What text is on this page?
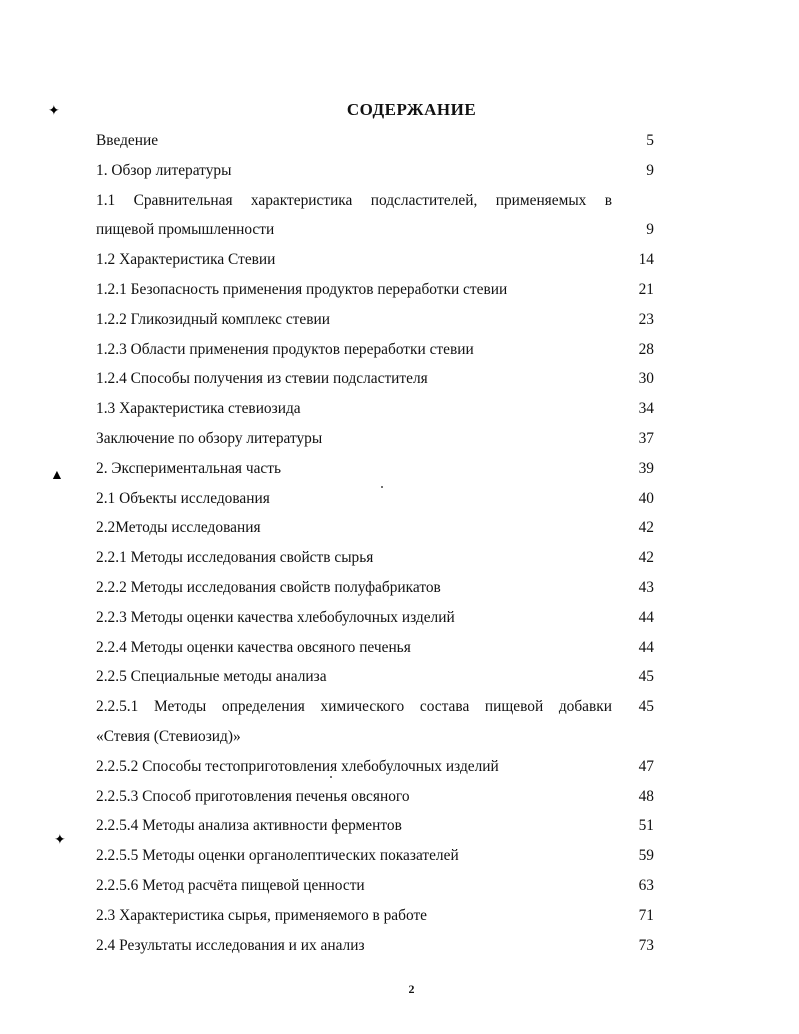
✦
▲
✦
СОДЕРЖАНИЕ
Введение	5
1. Обзор литературы	9
1.1 Сравнительная характеристика подсластителей, применяемых в
пищевой промышленности	9
1.2 Характеристика Стевии	14
1.2.1 Безопасность применения продуктов переработки стевии	21
1.2.2 Гликозидный комплекс стевии	23
1.2.3 Области применения продуктов переработки стевии	28
1.2.4 Способы получения из стевии подсластителя	30
1.3 Характеристика стевиозида	34
Заключение по обзору литературы	37
2. Экспериментальная часть	39
2.1 Объекты исследования	40
2.2Методы исследования	42
2.2.1 Методы исследования свойств сырья	42
2.2.2 Методы исследования свойств полуфабрикатов	43
2.2.3 Методы оценки качества хлебобулочных изделий	44
2.2.4 Методы оценки качества овсяного печенья	44
2.2.5 Специальные методы анализа	45
2.2.5.1 Методы определения химического состава пищевой добавки	45
«Стевия (Стевиозид)»
2.2.5.2 Способы тестоприготовления хлебобулочных изделий	47
2.2.5.3 Способ приготовления печенья овсяного	48
2.2.5.4 Методы анализа активности ферментов	51
2.2.5.5 Методы оценки органолептических показателей	59
2.2.5.6 Метод расчёта пищевой ценности	63
2.3 Характеристика сырья, применяемого в работе	71
2.4 Результаты исследования и их анализ	73
2
